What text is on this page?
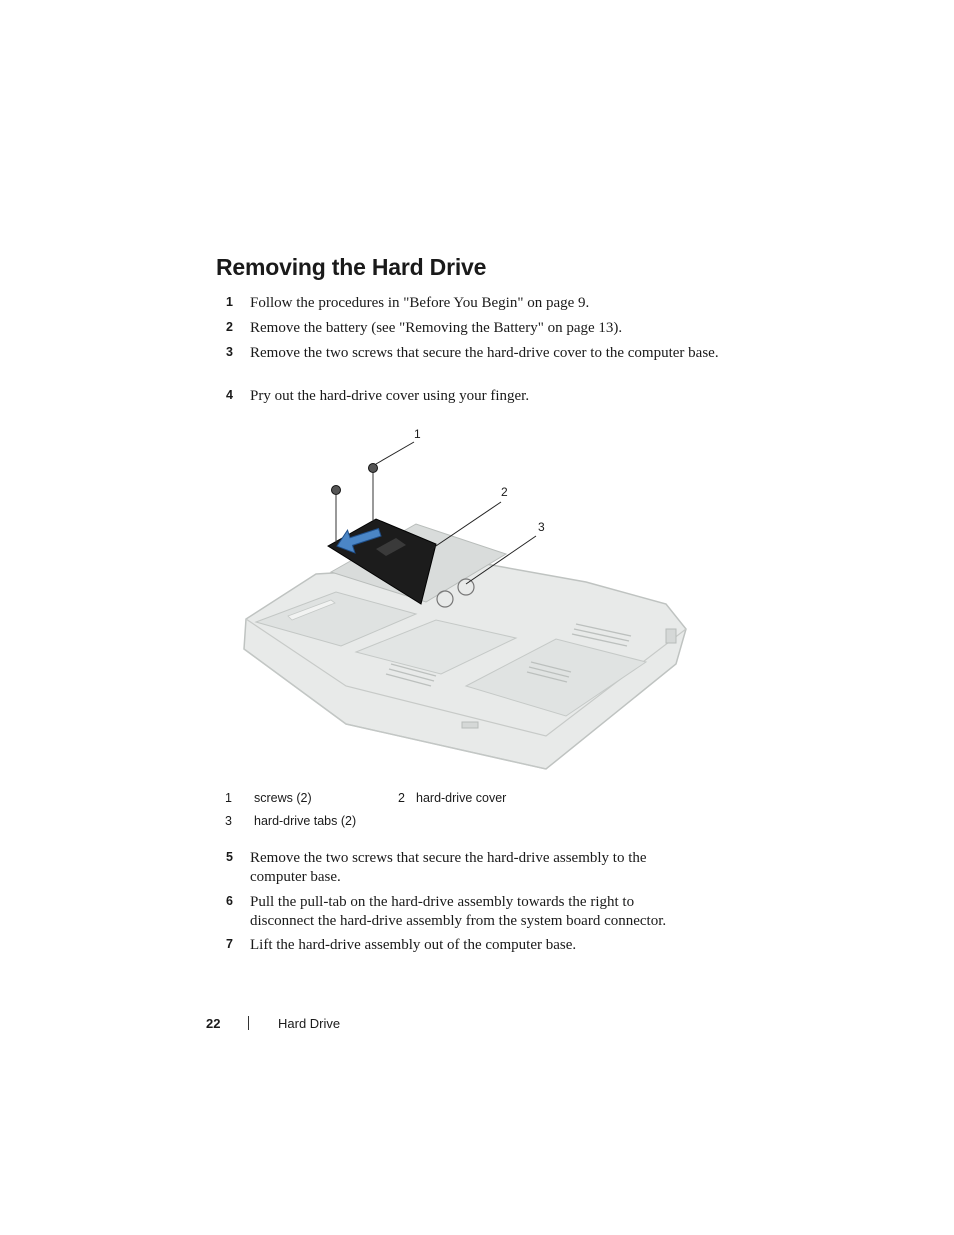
Removing the Hard Drive
1 Follow the procedures in "Before You Begin" on page 9.
2 Remove the battery (see "Removing the Battery" on page 13).
3 Remove the two screws that secure the hard-drive cover to the computer base.
4 Pry out the hard-drive cover using your finger.
1
2
3
1 screws (2)	2 hard-drive cover
3 hard-drive tabs (2)
5 Remove the two screws that secure the hard-drive assembly to the computer base.
6 Pull the pull-tab on the hard-drive assembly towards the right to disconnect the hard-drive assembly from the system board connector.
7 Lift the hard-drive assembly out of the computer base.
22	Hard Drive
